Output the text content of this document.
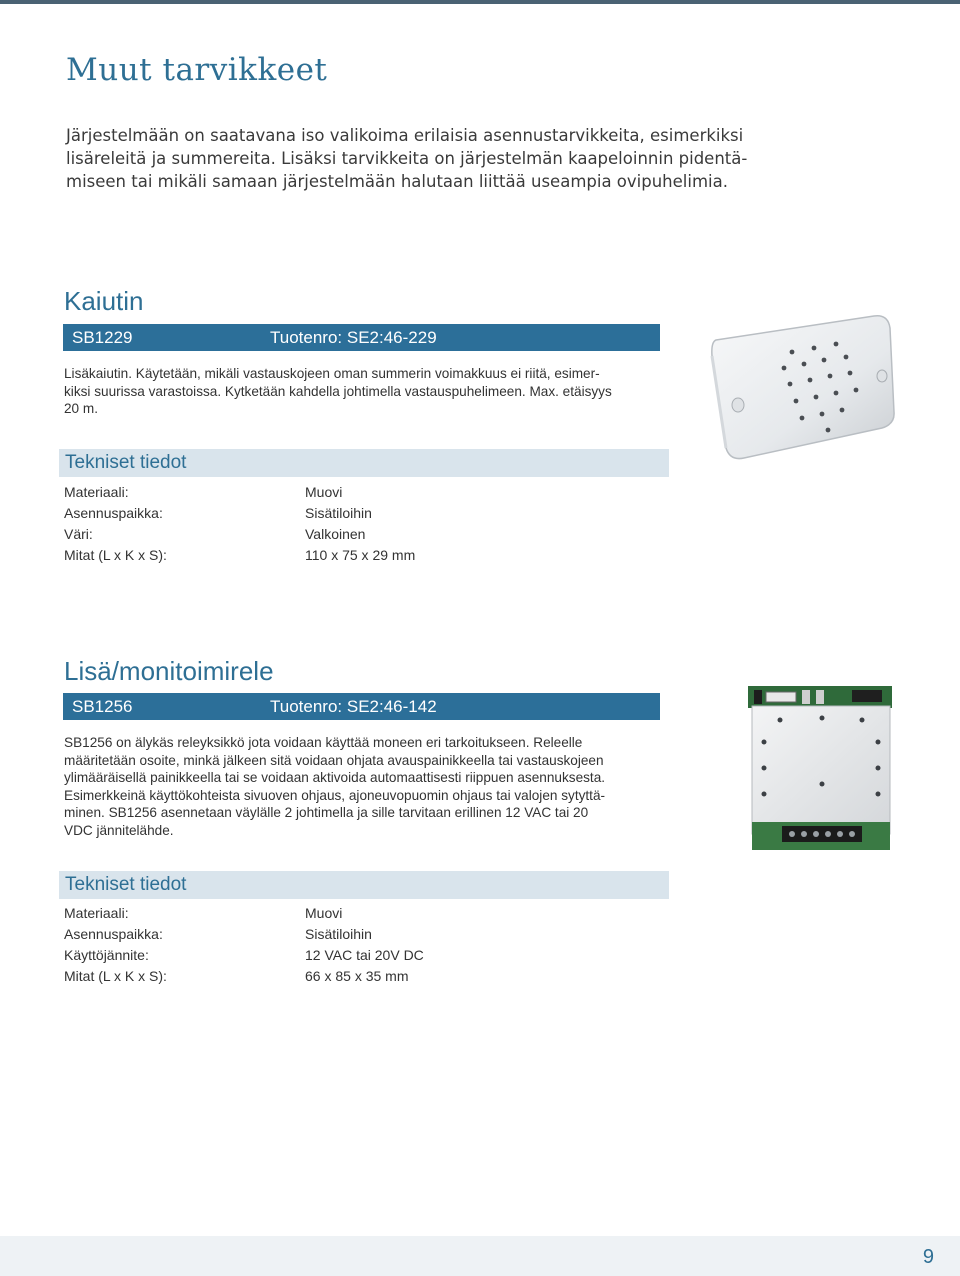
Muut tarvikkeet

Järjestelmään on saatavana iso valikoima erilaisia asennustarvikkeita, esimerkiksi
lisäreleitä ja summereita. Lisäksi tarvikkeita on järjestelmän kaapeloinnin pidentä-
miseen tai mikäli samaan järjestelmään halutaan liittää useampia ovipuhelimia.

Kaiutin
SB1229	Tuotenro: SE2:46-229

Lisäkaiutin. Käytetään, mikäli vastauskojeen oman summerin voimakkuus ei riitä, esimer-
kiksi suurissa varastoissa. Kytketään kahdella johtimella vastauspuhelimeen. Max. etäisyys
20 m.

Tekniset tiedot
Materiaali:	Muovi
Asennuspaikka:	Sisätiloihin
Väri:	Valkoinen
Mitat (L x K x S):	110 x 75 x 29 mm
Lisä/monitoimirele
SB1256	Tuotenro: SE2:46-142

SB1256 on älykäs releyksikkö jota voidaan käyttää moneen eri tarkoitukseen. Releelle
määritetään osoite, minkä jälkeen sitä voidaan ohjata avauspainikkeella tai vastauskojeen
ylimääräisellä painikkeella tai se voidaan aktivoida automaattisesti riippuen asennuksesta.
Esimerkkeinä käyttökohteista sivuoven ohjaus, ajoneuvopuomin ohjaus tai valojen sytyttä-
minen. SB1256 asennetaan väylälle 2 johtimella ja sille tarvitaan erillinen 12 VAC tai 20
VDC jännitelähde.

Tekniset tiedot
Materiaali:	Muovi
Asennuspaikka:	Sisätiloihin
Käyttöjännite:	12 VAC tai 20V DC
Mitat (L x K x S):	66 x 85 x 35 mm
9
